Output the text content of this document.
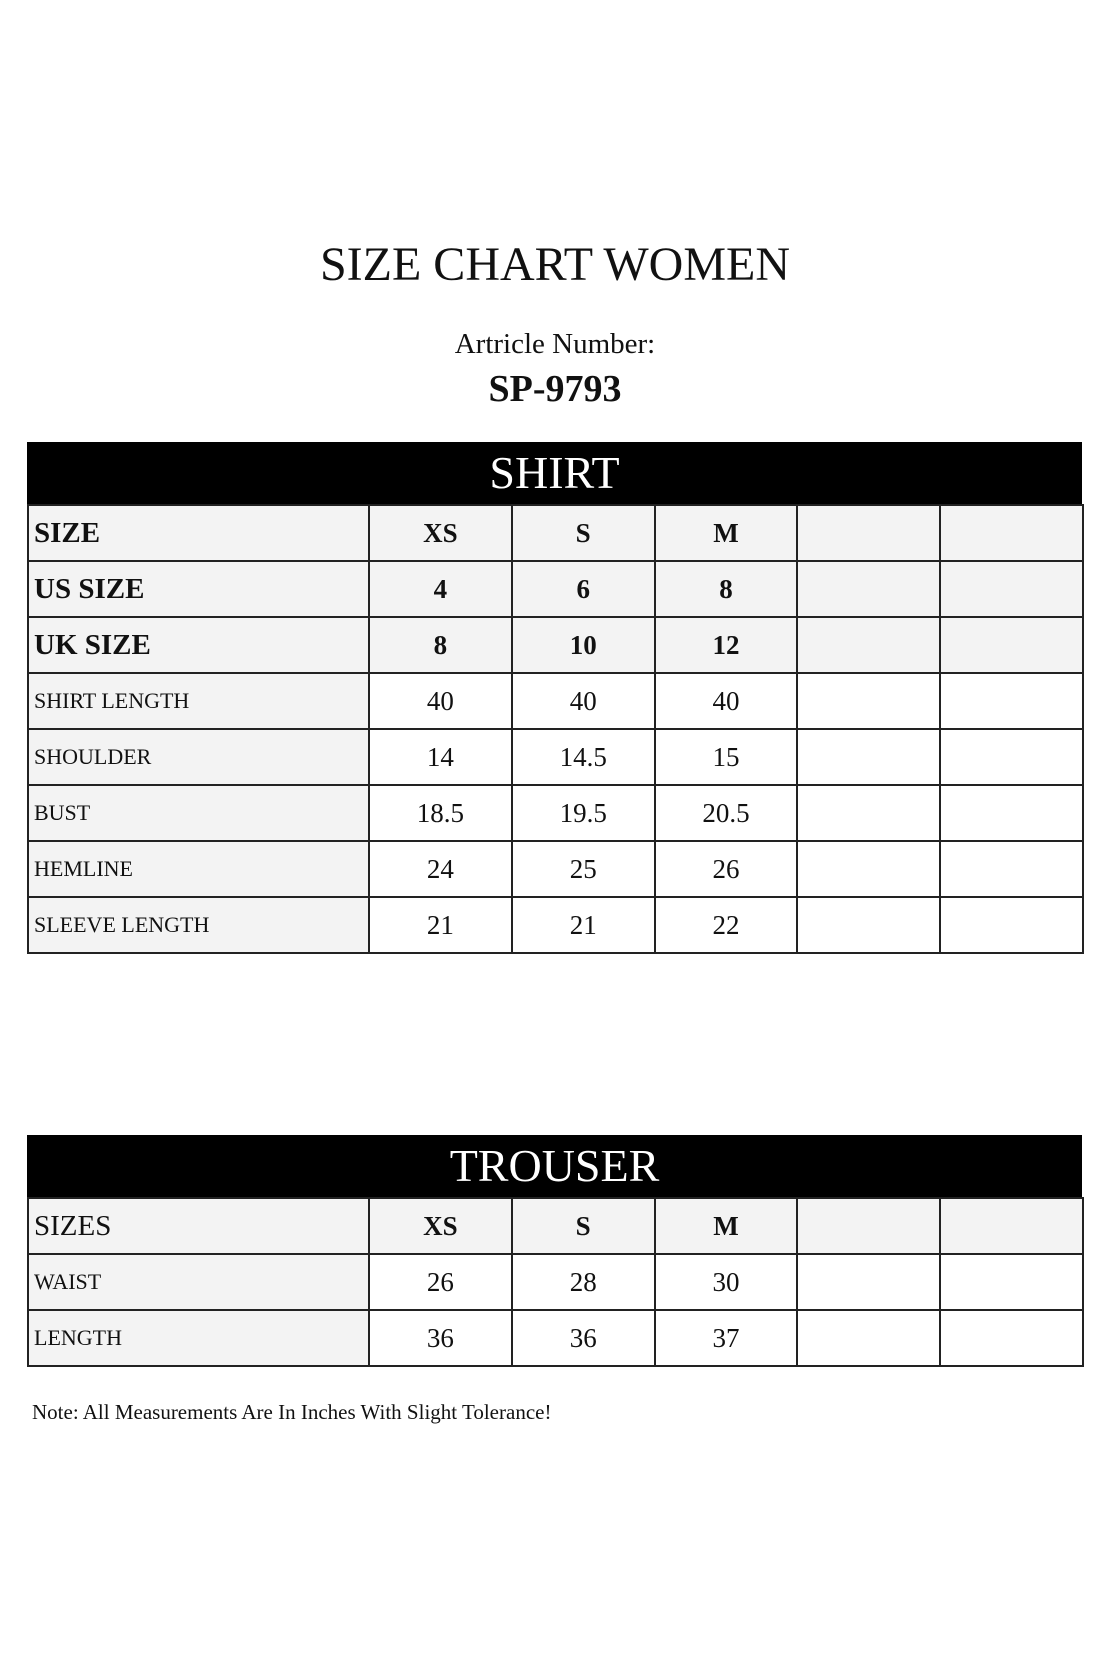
SIZE CHART WOMEN
Artricle Number:
SP-9793
SHIRT
SIZE	XS	S	M		
US SIZE	4	6	8		
UK SIZE	8	10	12		
SHIRT LENGTH	40	40	40		
SHOULDER	14	14.5	15		
BUST	18.5	19.5	20.5		
HEMLINE	24	25	26		
SLEEVE LENGTH	21	21	22		
TROUSER
SIZES	XS	S	M		
WAIST	26	28	30		
LENGTH	36	36	37		
Note: All Measurements Are In Inches With Slight Tolerance!
